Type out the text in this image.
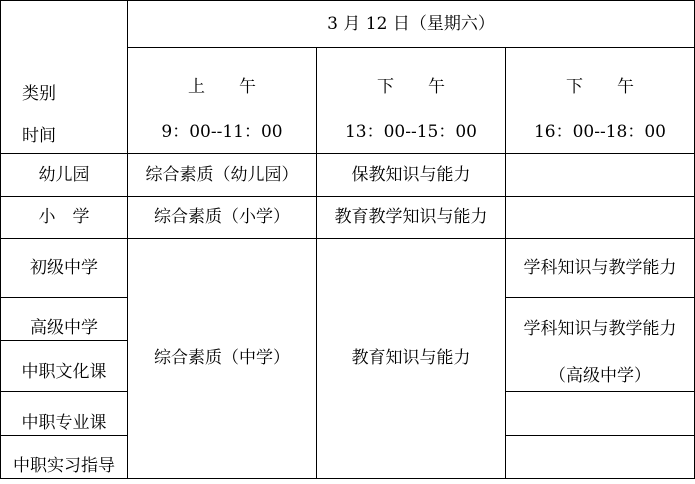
3 月 12 日（星期六）
类别
时间
上　　午
9：00--11：00
下　　午
13：00--15：00
下　　午
16：00--18：00
幼儿园
小　学
初级中学
高级中学
中职文化课
中职专业课
中职实习指导
综合素质（幼儿园）
综合素质（小学）
综合素质（中学）
保教知识与能力
教育教学知识与能力
教育知识与能力
学科知识与教学能力
学科知识与教学能力
（高级中学）
